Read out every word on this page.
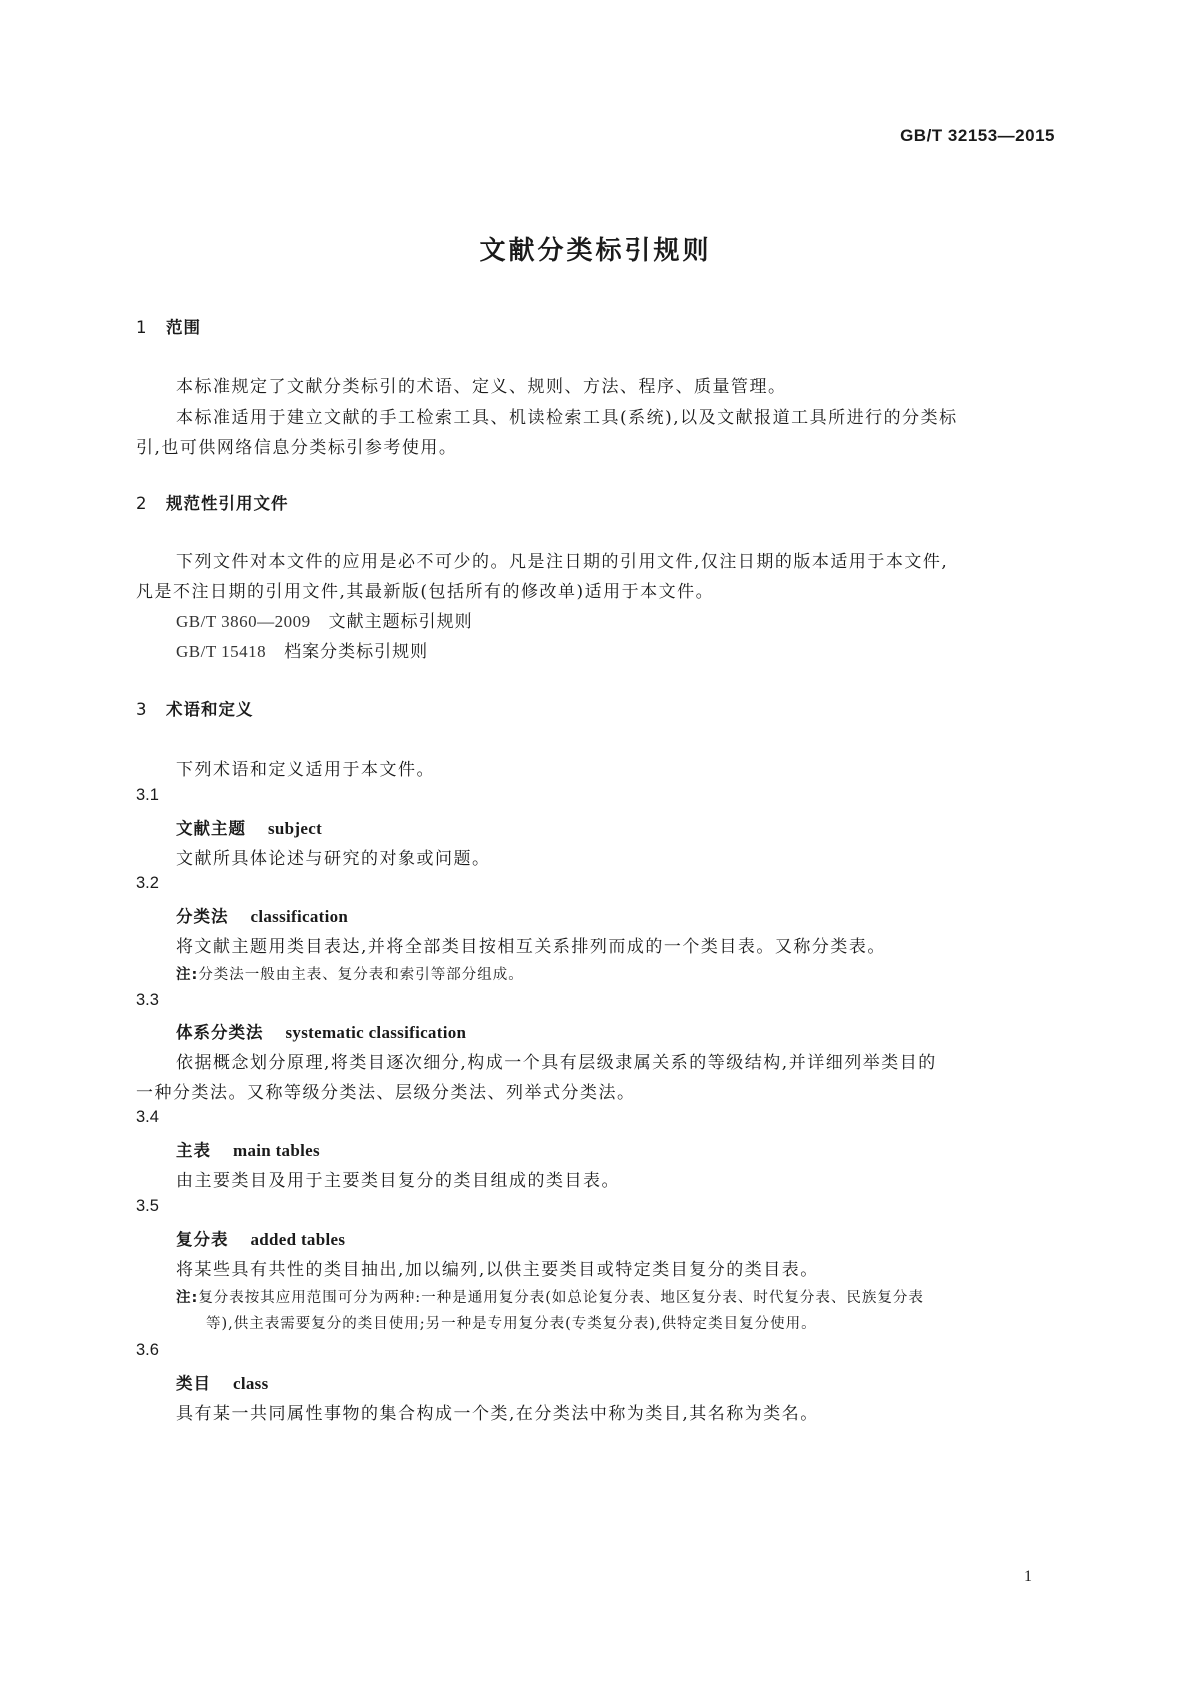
GB/T 32153—2015
文献分类标引规则
1 范围
本标准规定了文献分类标引的术语、定义、规则、方法、程序、质量管理。
本标准适用于建立文献的手工检索工具、机读检索工具(系统),以及文献报道工具所进行的分类标
引,也可供网络信息分类标引参考使用。
2 规范性引用文件
下列文件对本文件的应用是必不可少的。凡是注日期的引用文件,仅注日期的版本适用于本文件,
凡是不注日期的引用文件,其最新版(包括所有的修改单)适用于本文件。
GB/T 3860—2009 文献主题标引规则
GB/T 15418 档案分类标引规则
3 术语和定义
下列术语和定义适用于本文件。
3.1
文献主题 subject
文献所具体论述与研究的对象或问题。
3.2
分类法 classification
将文献主题用类目表达,并将全部类目按相互关系排列而成的一个类目表。又称分类表。
注:分类法一般由主表、复分表和索引等部分组成。
3.3
体系分类法 systematic classification
依据概念划分原理,将类目逐次细分,构成一个具有层级隶属关系的等级结构,并详细列举类目的
一种分类法。又称等级分类法、层级分类法、列举式分类法。
3.4
主表 main tables
由主要类目及用于主要类目复分的类目组成的类目表。
3.5
复分表 added tables
将某些具有共性的类目抽出,加以编列,以供主要类目或特定类目复分的类目表。
注:复分表按其应用范围可分为两种:一种是通用复分表(如总论复分表、地区复分表、时代复分表、民族复分表
等),供主表需要复分的类目使用;另一种是专用复分表(专类复分表),供特定类目复分使用。
3.6
类目 class
具有某一共同属性事物的集合构成一个类,在分类法中称为类目,其名称为类名。
1
